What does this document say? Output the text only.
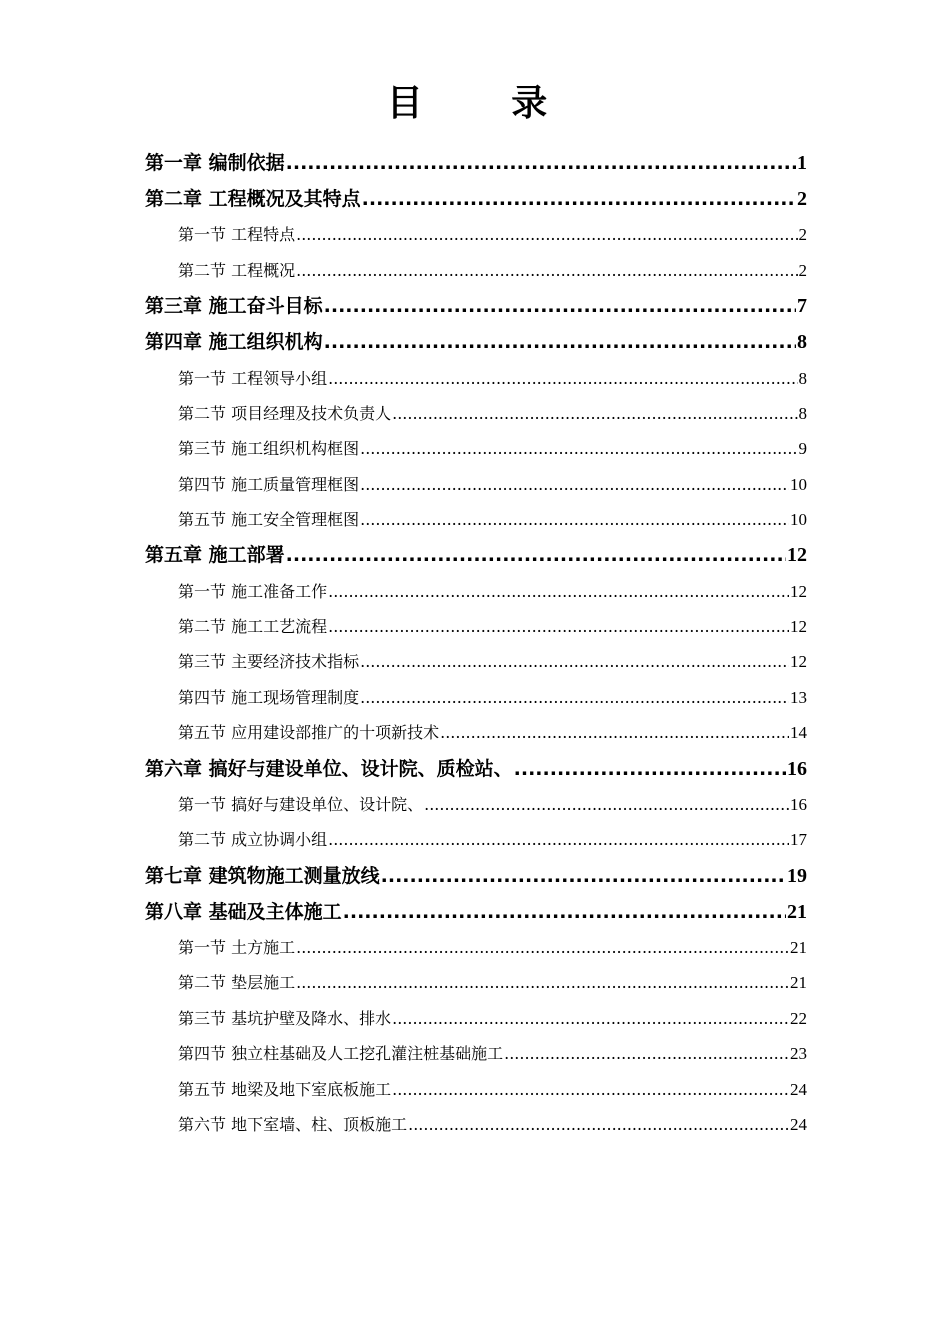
目 录
第一章 编制依据 .....	1
第二章 工程概况及其特点 .....	2
第一节 工程特点 .....	2
第二节 工程概况 .....	2
第三章 施工奋斗目标 .....	7
第四章 施工组织机构 .....	8
第一节 工程领导小组 .....	8
第二节 项目经理及技术负责人 .....	8
第三节 施工组织机构框图 .....	9
第四节 施工质量管理框图 .....	10
第五节 施工安全管理框图 .....	10
第五章 施工部署 .....	12
第一节 施工准备工作 .....	12
第二节 施工工艺流程 .....	12
第三节 主要经济技术指标 .....	12
第四节 施工现场管理制度 .....	13
第五节 应用建设部推广的十项新技术 .....	14
第六章 搞好与建设单位、设计院、质检站、 .....	16
第一节 搞好与建设单位、设计院、 .....	16
第二节 成立协调小组 .....	17
第七章 建筑物施工测量放线 .....	19
第八章 基础及主体施工 .....	21
第一节 土方施工 .....	21
第二节 垫层施工 .....	21
第三节 基坑护壁及降水、排水 .....	22
第四节 独立柱基础及人工挖孔灌注桩基础施工 .....	23
第五节 地梁及地下室底板施工 .....	24
第六节 地下室墙、柱、顶板施工 .....	24
